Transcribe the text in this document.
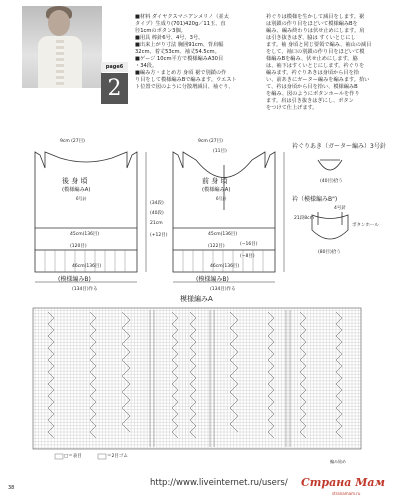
page6
2
■材料 ダイヤクスマニアンメリノ（並太
タイプ）生成り(701)420g／11玉、直
径1cmのボタン3個。
■用具 棒針6号、4号、3号。
■出来上がり寸法 胸囲91cm、背肩幅
32cm、着丈53cm、袖丈54.5cm。
■ゲージ 10cm平方で模様編みA30目
・34段。
■編み方・まとめ方 身頃 裾で別鎖の作
り目をして模様編みBで編みます。ウエスト
ト位置で図のように分散増減目、袖ぐり、
衿ぐりは模様を生かして減目をします。裾
は別鎖の作り目をほどいて模様編みBを
編み、編み終わりは伏せ止めにします。肩
は引き抜きはぎ、脇は すくいとじにし
ます。袖 身頃と同じ要領で編み、袖山の減目
をして、袖口の別鎖の作り目をほどいて模
様編みBを編み、伏せ止めにします。脇
は、袖下はすくいとじにします。衿ぐりを
編みます。衿ぐりあきは身頃から目を拾
い、前あきにガーター編みを編みます。拾い
て、衿は身頃から目を拾い、模様編みB
を編み、図のようにボタンホールを作り
ます。肩は引き抜きはぎにし、ボタン
をつけて仕上げます。
後 身 頃
(模様編みA)
6号針
前 身 頃
(模様編みA)
6号針
9cm (27目)	9cm (27目)
45cm(136目)	45cm(136目)
(120目)	(122目)
46cm(136目)	46cm(136目)
(模様編みB)	(模様編みB)
(134目)作る	(134目)作る
(11目)
(34段)
(40段)
21cm
(−16目)
(−8目)
(+12目)
衿ぐりあき（ガーター編み）3号針
(40目)拾う
衿（模様編みB")
4号針
ボタンホール
21段8cm
(80目)拾う
模様編みA
□＝表目	＝2目ゴム
編み始め
38	http://www.liveinternet.ru/users/ Страна Мам
stranamam.ru
